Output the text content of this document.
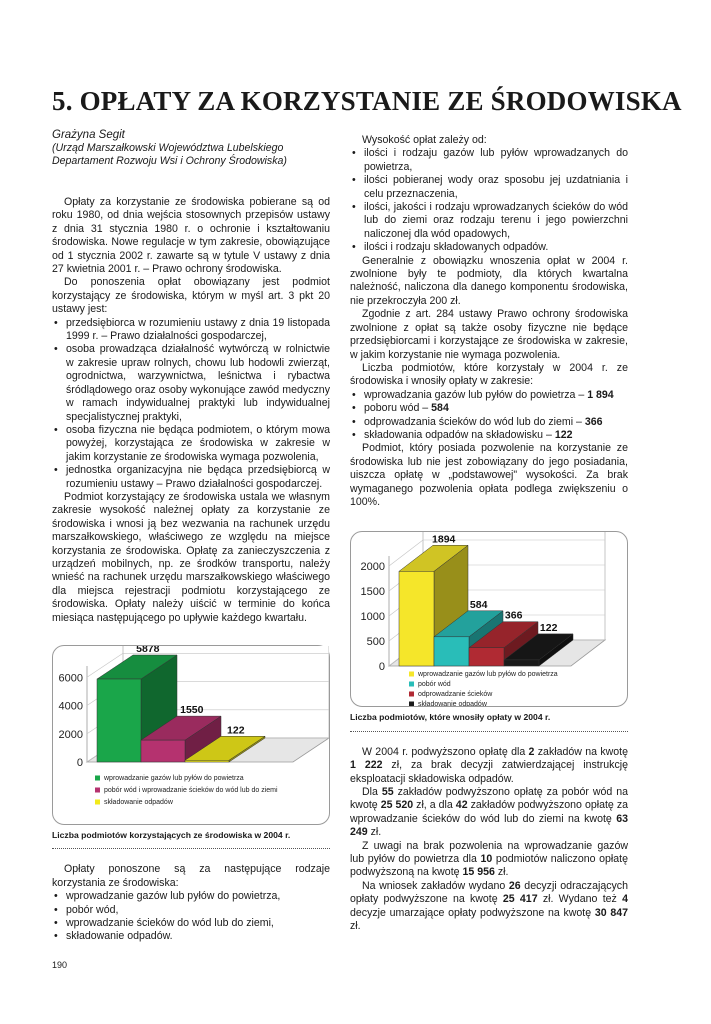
5. OPŁATY ZA KORZYSTANIE ZE ŚRODOWISKA

Grażyna Segit

(Urząd Marszałkowski Województwa Lubelskiego

Departament Rozwoju Wsi i Ochrony Środowiska)

Opłaty za korzystanie ze środowiska pobierane są od roku 1980, od dnia wejścia stosownych przepisów ustawy z dnia 31 stycznia 1980 r. o ochronie i kształtowaniu środowiska. Nowe regulacje w tym zakresie, obowiązujące od 1 stycznia 2002 r. zawarte są w tytule V ustawy z dnia 27 kwietnia 2001 r. – Prawo ochrony środowiska.

Do ponoszenia opłat obowiązany jest podmiot korzystający ze środowiska, którym w myśl art. 3 pkt 20 ustawy jest:

• przedsiębiorca w rozumieniu ustawy z dnia 19 listopada 1999 r. – Prawo działalności gospodarczej,
• osoba prowadząca działalność wytwórczą w rolnictwie w zakresie upraw rolnych, chowu lub hodowli zwierząt, ogrodnictwa, warzywnictwa, leśnictwa i rybactwa śródlądowego oraz osoby wykonujące zawód medyczny w ramach indywidualnej praktyki lub indywidualnej specjalistycznej praktyki,
• osoba fizyczna nie będąca podmiotem, o którym mowa powyżej, korzystająca ze środowiska w zakresie w jakim korzystanie ze środowiska wymaga pozwolenia,
• jednostka organizacyjna nie będąca przedsiębiorcą w rozumieniu ustawy – Prawo działalności gospodarczej.

Podmiot korzystający ze środowiska ustala we własnym zakresie wysokość należnej opłaty za korzystanie ze środowiska i wnosi ją bez wezwania na rachunek urzędu marszałkowskiego, właściwego ze względu na miejsce korzystania ze środowiska. Opłatę za zanieczyszczenia z urządzeń mobilnych, np. ze środków transportu, należy wnieść na rachunek urzędu marszałkowskiego właściwego dla miejsca rejestracji podmiotu korzystającego ze środowiska. Opłaty należy uiścić w terminie do końca miesiąca następującego po upływie każdego kwartału.

0
2000
4000
6000
5878
1550
122
wprowadzanie gazów lub pyłów do powietrza
pobór wód i wprowadzanie ścieków do wód lub do ziemi
składowanie odpadów

Liczba podmiotów korzystających ze środowiska w 2004 r.

Opłaty ponoszone są za następujące rodzaje korzystania ze środowiska:

• wprowadzanie gazów lub pyłów do powietrza,
• pobór wód,
• wprowadzanie ścieków do wód lub do ziemi,
• składowanie odpadów.

Wysokość opłat zależy od:

• ilości i rodzaju gazów lub pyłów wprowadzanych do powietrza,
• ilości pobieranej wody oraz sposobu jej uzdatniania i celu przeznaczenia,
• ilości, jakości i rodzaju wprowadzanych ścieków do wód lub do ziemi oraz rodzaju terenu i jego powierzchni naliczonej dla wód opadowych,
• ilości i rodzaju składowanych odpadów.

Generalnie z obowiązku wnoszenia opłat w 2004 r. zwolnione były te podmioty, dla których kwartalna należność, naliczona dla danego komponentu środowiska, nie przekroczyła 200 zł.

Zgodnie z art. 284 ustawy Prawo ochrony środowiska zwolnione z opłat są także osoby fizyczne nie będące przedsiębiorcami i korzystające ze środowiska w zakresie, w jakim korzystanie nie wymaga pozwolenia.

Liczba podmiotów, które korzystały w 2004 r. ze środowiska i wnosiły opłaty w zakresie:

• wprowadzania gazów lub pyłów do powietrza – 1 894
• poboru wód – 584
• odprowadzania ścieków do wód lub do ziemi – 366
• składowania odpadów na składowisku – 122

Podmiot, który posiada pozwolenie na korzystanie ze środowiska lub nie jest zobowiązany do jego posiadania, uiszcza opłatę w „podstawowej" wysokości. Za brak wymaganego pozwolenia opłata podlega zwiększeniu o 100%.

0
500
1000
1500
2000
1894
584
366
122
wprowadzanie gazów lub pyłów do powietrza
pobór wód
odprowadzanie ścieków
składowanie odpadów

Liczba podmiotów, które wnosiły opłaty w 2004 r.

W 2004 r. podwyższono opłatę dla 2 zakładów na kwotę 1 222 zł, za brak decyzji zatwierdzającej instrukcję eksploatacji składowiska odpadów.

Dla 55 zakładów podwyższono opłatę za pobór wód na kwotę 25 520 zł, a dla 42 zakładów podwyższono opłatę za wprowadzanie ścieków do wód lub do ziemi na kwotę 63 249 zł.

Z uwagi na brak pozwolenia na wprowadzanie gazów lub pyłów do powietrza dla 10 podmiotów naliczono opłatę podwyższoną na kwotę 15 956 zł.

Na wniosek zakładów wydano 26 decyzji odraczających opłaty podwyższone na kwotę 25 417 zł. Wydano też 4 decyzje umarzające opłaty podwyższone na kwotę 30 847 zł.

190
